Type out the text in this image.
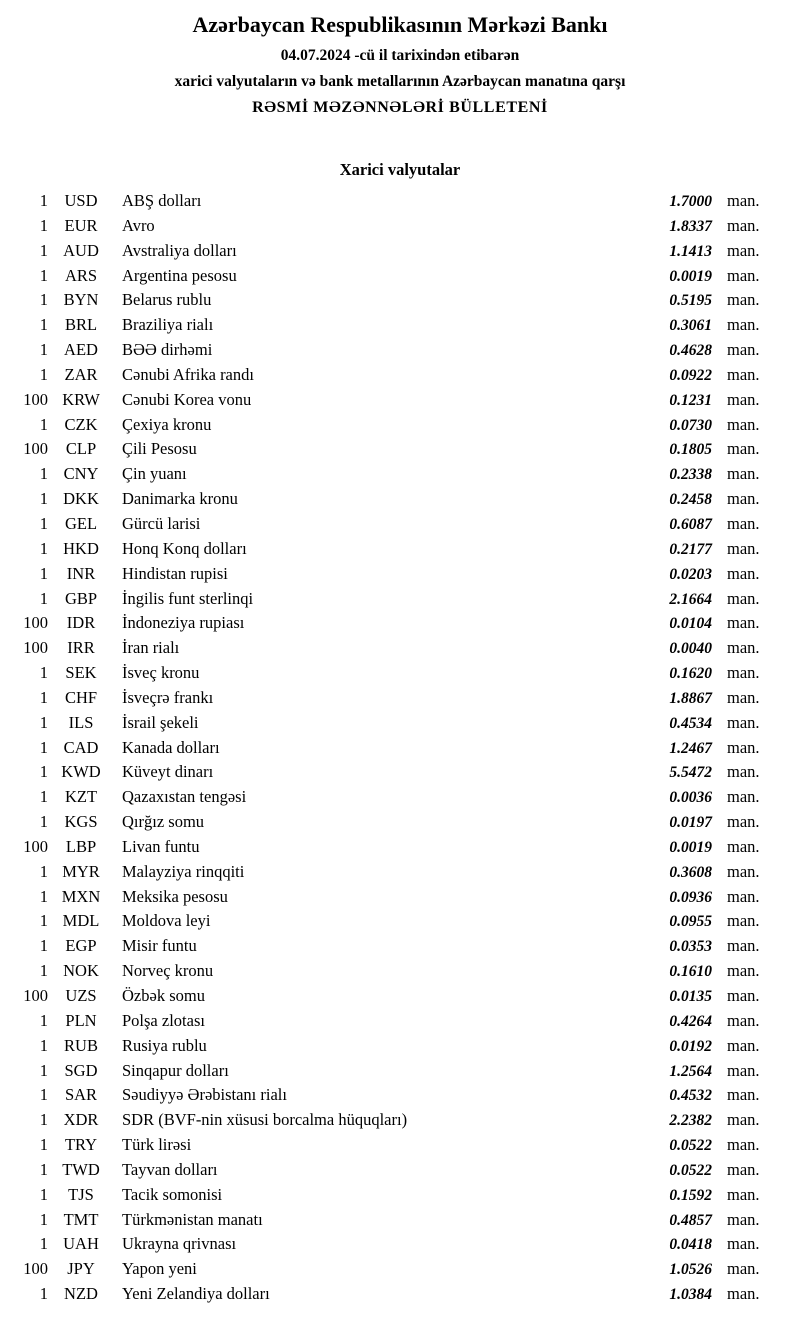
Azərbaycan Respublikasının Mərkəzi Bankı
04.07.2024 -cü il tarixindən etibarən
xarici valyutaların və bank metallarının Azərbaycan manatına qarşı
RƏSMİ MƏZƏNNƏLƏRİ BÜLLETENİ
Xarici valyutalar
1 USD	ABŞ dolları	1.7000 man.
1	EUR	Avro	1.8337 man.
1 AUD	Avstraliya dolları	1.1413 man.
1	ARS	Argentina pesosu	0.0019 man.
1 BYN	Belarus rublu	0.5195 man.
1	BRL	Braziliya rialı	0.3061 man.
1 AED	BƏƏ dirhəmi	0.4628 man.
1	ZAR	Cənubi Afrika randı	0.0922 man.
100 KRW	Cənubi Korea vonu	0.1231 man.
1	CZK	Çexiya kronu	0.0730 man.
100	CLP	Çili Pesosu	0.1805 man.
1 CNY	Çin yuanı	0.2338 man.
1 DKK	Danimarka kronu	0.2458 man.
1	GEL	Gürcü larisi	0.6087 man.
1 HKD	Honq Konq dolları	0.2177 man.
1	INR	Hindistan rupisi	0.0203 man.
1	GBP	İngilis funt sterlinqi	2.1664 man.
100	IDR	İndoneziya rupiası	0.0104 man.
100	IRR	İran rialı	0.0040 man.
1	SEK	İsveç kronu	0.1620 man.
1	CHF	İsveçrə frankı	1.8867 man.
1	ILS	İsrail şekeli	0.4534 man.
1 CAD	Kanada dolları	1.2467 man.
1 KWD	Küveyt dinarı	5.5472 man.
1	KZT	Qazaxıstan tengəsi	0.0036 man.
1 KGS	Qırğız somu	0.0197 man.
100	LBP	Livan funtu	0.0019 man.
1 MYR	Malayziya rinqqiti	0.3608 man.
1 MXN	Meksika pesosu	0.0936 man.
1 MDL	Moldova leyi	0.0955 man.
1	EGP	Misir funtu	0.0353 man.
1 NOK	Norveç kronu	0.1610 man.
100	UZS	Özbək somu	0.0135 man.
1	PLN	Polşa zlotası	0.4264 man.
1 RUB	Rusiya rublu	0.0192 man.
1 SGD	Sinqapur dolları	1.2564 man.
1	SAR	Səudiyyə Ərəbistanı rialı	0.4532 man.
1 XDR	SDR (BVF-nin xüsusi borcalma hüquqları)	2.2382 man.
1	TRY	Türk lirəsi	0.0522 man.
1 TWD	Tayvan dolları	0.0522 man.
1	TJS	Tacik somonisi	0.1592 man.
1 TMT	Türkmənistan manatı	0.4857 man.
1 UAH	Ukrayna qrivnası	0.0418 man.
100	JPY	Yapon yeni	1.0526 man.
1 NZD	Yeni Zelandiya dolları	1.0384 man.
